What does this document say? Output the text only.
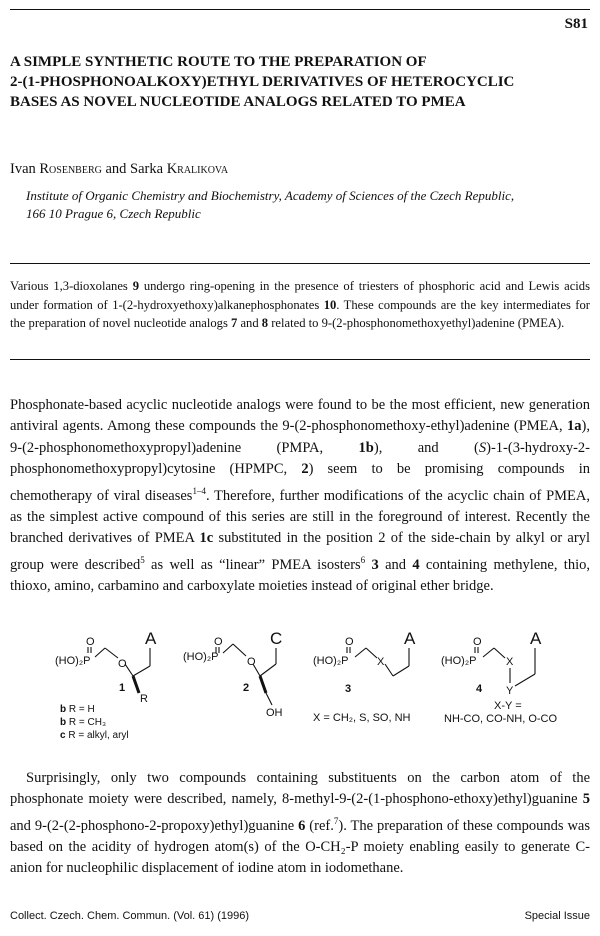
S81
A SIMPLE SYNTHETIC ROUTE TO THE PREPARATION OF
2-(1-PHOSPHONOALKOXY)ETHYL DERIVATIVES OF HETEROCYCLIC
BASES AS NOVEL NUCLEOTIDE ANALOGS RELATED TO PMEA
Ivan Rosenberg and Sarka Kralikova
Institute of Organic Chemistry and Biochemistry, Academy of Sciences of the Czech Republic,
166 10 Prague 6, Czech Republic
Various 1,3-dioxolanes 9 undergo ring-opening in the presence of triesters of phosphoric acid and Lewis acids under formation of 1-(2-hydroxyethoxy)alkanephosphonates 10. These compounds are the key intermediates for the preparation of novel nucleotide analogs 7 and 8 related to 9-(2-phosphonomethoxyethyl)adenine (PMEA).

Phosphonate-based acyclic nucleotide analogs were found to be the most efficient, new generation antiviral agents. Among these compounds the 9-(2-phosphonomethoxy-ethyl)adenine (PMEA, 1a), 9-(2-phosphonomethoxypropyl)adenine (PMPA, 1b), and (S)-1-(3-hydroxy-2-phosphonomethoxypropyl)cytosine (HPMPC, 2) seem to be promising compounds in chemotherapy of viral diseases$^{1-4}$. Therefore, further modifications of the acyclic chain of PMEA, as the simplest active compound of this series are still in the foreground of interest. Recently the branched derivatives of PMEA 1c substituted in the position 2 of the side-chain by alkyl or aryl group were described$^5$ as well as “linear” PMEA isosters$^6$ 3 and 4 containing methylene, thio, thioxo, amino, carbamino and carboxylate moieties instead of original ether bridge.

O
(HO)₂P
A
O
R
1
b R = H
b R = CH₃
c R = alkyl, aryl
O
(HO)₂P
C
O
OH
2
O
(HO)₂P
A
X
3
X = CH₂, S, SO, NH
O
(HO)₂P
A
X
Y
4
X-Y =
NH-CO, CO-NH, O-CO

Surprisingly, only two compounds containing substituents on the carbon atom of the phosphonate moiety were described, namely, 8-methyl-9-(2-(1-phosphono-ethoxy)ethyl)guanine 5 and 9-(2-(2-phosphono-2-propoxy)ethyl)guanine 6 (ref.$^7$). The preparation of these compounds was based on the acidity of hydrogen atom(s) of the O-CH₂-P moiety enabling easily to generate C-anion for nucleophilic displacement of iodine atom in iodomethane.

Collect. Czech. Chem. Commun. (Vol. 61) (1996)	Special Issue
